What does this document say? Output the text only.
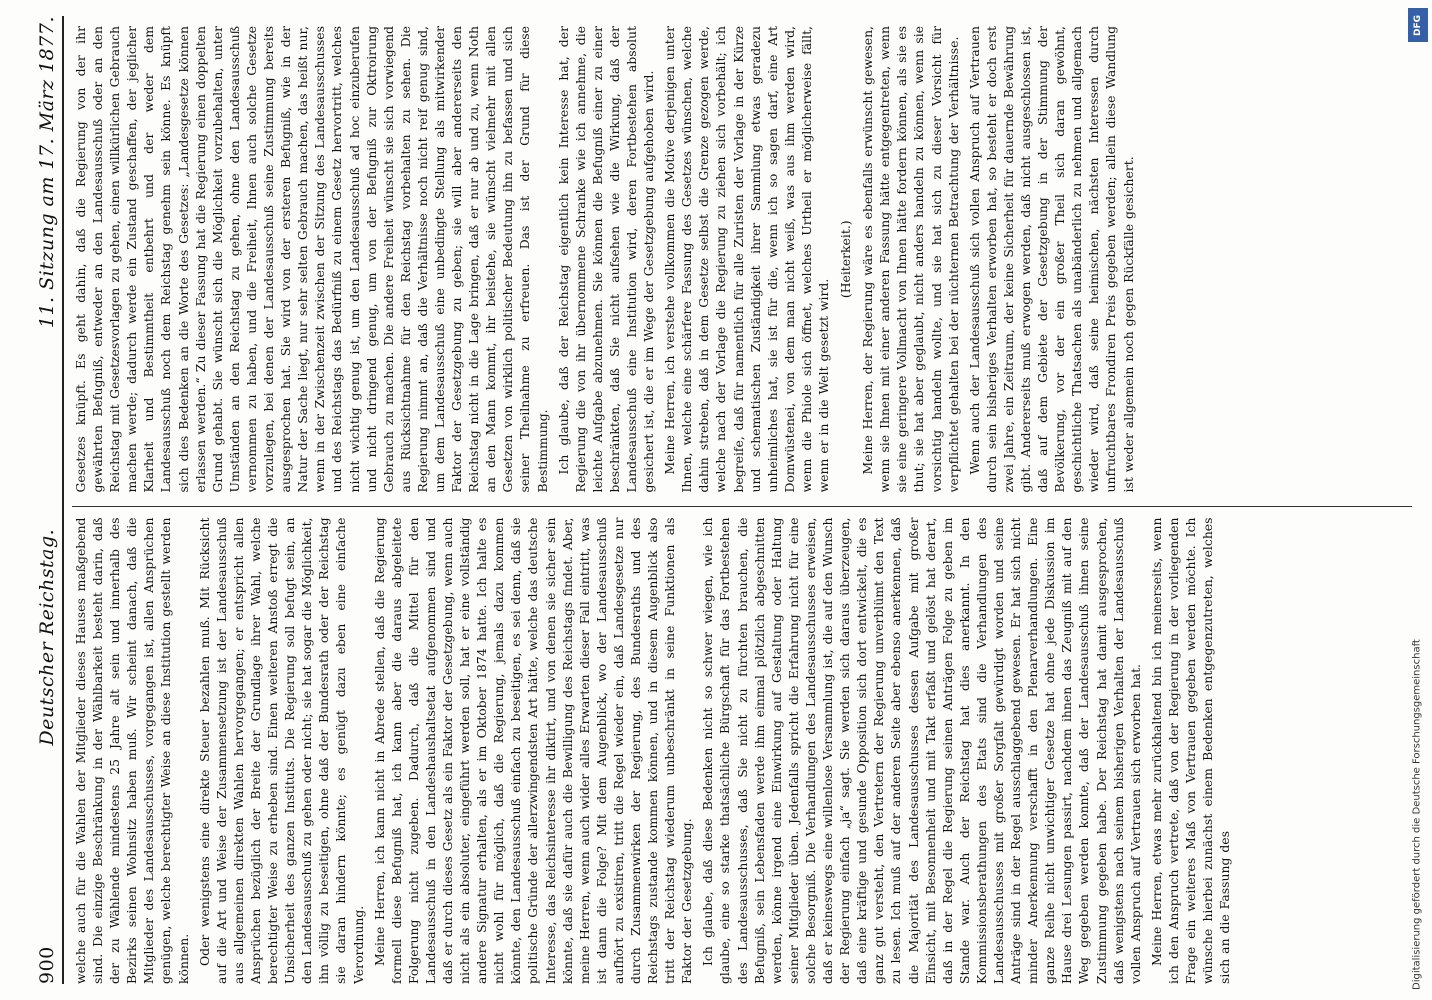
900
Deutscher Reichstag.
11. Sitzung am 17. März 1877.

welche auch für die Wahlen der Mitglieder dieses Hauses maßgebend sind. Die einzige Beschränkung in der Wählbarkeit besteht darin, daß der zu Wählende mindestens 25 Jahre alt sein und innerhalb des Bezirks seinen Wohnsitz haben muß. Wir scheint danach, daß die Mitglieder des Landesausschusses, vorgegangen ist, allen Ansprüchen genügen, welche berechtigter Weise an diese Institution gestellt werden können. Oder wenigstens eine direkte Steuer bezahlen muß. Mit Rücksicht auf die Art und Weise der Zusammensetzung ist der Landesausschuß aus allgemeinen direkten Wahlen hervorgegangen; er entspricht allen Ansprüchen bezüglich der Breite der Grundlage ihrer Wahl, welche berechtigter Weise zu erheben sind. Einen weiteren Anstoß erregt die Unsicherheit des ganzen Instituts. Die Regierung soll befugt sein, an den Landesausschuß zu gehen oder nicht; sie hat sogar die Möglichkeit, ihn völlig zu beseitigen, ohne daß der Bundesrath oder der Reichstag sie daran hindern könnte; es genügt dazu eben eine einfache Verordnung. Meine Herren, ich kann nicht in Abrede stellen, daß die Regierung formell diese Befugniß hat, ich kann aber die daraus abgeleitete Folgerung nicht zugeben. Dadurch, daß die Mittel für den Landesausschuß in den Landeshaushaltsetat aufgenommen sind und daß er durch dieses Gesetz als ein Faktor der Gesetzgebung, wenn auch nicht als ein absoluter, eingeführt werden soll, hat er eine vollständig andere Signatur erhalten, als er im Oktober 1874 hatte. Ich halte es nicht wohl für möglich, daß die Regierung, jemals dazu kommen könnte, den Landesausschuß einfach zu beseitigen, es sei denn, daß sie politische Gründe der allerzwingendsten Art hätte, welche das deutsche Interesse, das Reichsinteresse ihr diktirt, und von denen sie sicher sein könnte, daß sie dafür auch die Bewilligung des Reichstags findet. Aber, meine Herren, wenn auch wider alles Erwarten dieser Fall eintritt, was ist dann die Folge? Mit dem Augenblick, wo der Landesausschuß aufhört zu existiren, tritt die Regel wieder ein, daß Landesgesetze nur durch Zusammenwirken der Regierung, des Bundesraths und des Reichstags zustande kommen können, und in diesem Augenblick also tritt der Reichstag wiederum unbeschränkt in seine Funktionen als Faktor der Gesetzgebung. Ich glaube, daß diese Bedenken nicht so schwer wiegen, wie ich glaube, eine so starke thatsächliche Bürgschaft für das Fortbestehen des Landesausschusses, daß Sie nicht zu fürchten brauchen, die Befugniß, sein Lebensfaden werde ihm einmal plötzlich abgeschnitten werden, könne irgend eine Einwirkung auf Gestaltung oder Haltung seiner Mitglieder üben. Jedenfalls spricht die Erfahrung nicht für eine solche Besorgniß. Die Verhandlungen des Landesausschusses erweisen, daß er keineswegs eine willenlose Versammlung ist, die auf den Wunsch der Regierung einfach „ja“ sagt. Sie werden sich daraus überzeugen, daß eine kräftige und gesunde Opposition sich dort entwickelt, die es ganz gut versteht, den Vertretern der Regierung unverblümt den Text zu lesen. Ich muß auf der anderen Seite aber ebenso anerkennen, daß die Majorität des Landesausschusses dessen Aufgabe mit großer Einsicht, mit Besonnenheit und mit Takt erfaßt und gelöst hat derart, daß in der Regel die Regierung seinen Anträgen Folge zu geben im Stande war. Auch der Reichstag hat dies anerkannt. In den Kommissionsberathungen des Etats sind die Verhandlungen des Landesausschusses mit großer Sorgfalt gewürdigt worden und seine Anträge sind in der Regel ausschlaggebend gewesen. Er hat sich nicht minder Anerkennung verschafft in den Plenarverhandlungen. Eine ganze Reihe nicht unwichtiger Gesetze hat ohne jede Diskussion im Hause drei Lesungen passirt, nachdem ihnen das Zeugniß mit auf den Weg gegeben werden konnte, daß der Landesausschuß ihnen seine Zustimmung gegeben habe. Der Reichstag hat damit ausgesprochen, daß wenigstens nach seinem bisherigen Verhalten der Landesausschuß vollen Anspruch auf Vertrauen sich erworben hat. Meine Herren, etwas mehr zurückhaltend bin ich meinerseits, wenn ich den Anspruch vertrete, daß von der Regierung in der vorliegenden Frage ein weiteres Maß von Vertrauen gegeben werden möchte. Ich wünsche hierbei zunächst einem Bedenken entgegenzutreten, welches sich an die Fassung des

Gesetzes knüpft. Es geht dahin, daß die Regierung von der ihr gewährten Befugniß, entweder an den Landesausschuß oder an den Reichstag mit Gesetzesvorlagen zu gehen, einen willkürlichen Gebrauch machen werde; dadurch werde ein Zustand geschaffen, der jeglicher Klarheit und Bestimmtheit entbehrt und der weder dem Landesausschuß noch dem Reichstag genehm sein könne. Es knüpft sich dies Bedenken an die Worte des Gesetzes: „Landesgesetze können erlassen werden.“ Zu dieser Fassung hat die Regierung einen doppelten Grund gehabt. Sie wünscht sich die Möglichkeit vorzubehalten, unter Umständen an den Reichstag zu gehen, ohne den Landesausschuß vernommen zu haben, und die Freiheit, Ihnen auch solche Gesetze vorzulegen, bei denen der Landesausschuß seine Zustimmung bereits ausgesprochen hat. Sie wird von der ersteren Befugniß, wie in der Natur der Sache liegt, nur sehr selten Gebrauch machen, das heißt nur, wenn in der Zwischenzeit zwischen der Sitzung des Landesausschusses und des Reichstags das Bedürfniß zu einem Gesetz hervortritt, welches nicht wichtig genug ist, um den Landesausschuß ad hoc einzuberufen und nicht dringend genug, um von der Befugniß zur Oktroirung Gebrauch zu machen. Die andere Freiheit wünscht sie sich vorwiegend aus Rücksichtnahme für den Reichstag vorbehalten zu sehen. Die Regierung nimmt an, daß die Verhältnisse noch nicht reif genug sind, um dem Landesausschuß eine unbedingte Stellung als mitwirkender Faktor der Gesetzgebung zu geben; sie will aber andererseits den Reichstag nicht in die Lage bringen, daß er nur ab und zu, wenn Noth an den Mann kommt, ihr beistehe, sie wünscht vielmehr mit allen Gesetzen von wirklich politischer Bedeutung ihn zu befassen und sich seiner Theilnahme zu erfreuen. Das ist der Grund für diese Bestimmung. Ich glaube, daß der Reichstag eigentlich kein Interesse hat, der Regierung die von ihr übernommene Schranke wie ich annehme, die leichte Aufgabe abzunehmen. Sie können die Befugniß einer zu einer beschränkten, daß Sie nicht aufsehen wie die Wirkung, daß der Landesausschuß eine Institution wird, deren Fortbestehen absolut gesichert ist, die er im Wege der Gesetzgebung aufgehoben wird. Meine Herren, ich verstehe vollkommen die Motive derjenigen unter Ihnen, welche eine schärfere Fassung des Gesetzes wünschen, welche dahin streben, daß in dem Gesetze selbst die Grenze gezogen werde, welche nach der Vorlage die Regierung zu ziehen sich vorbehält; ich begreife, daß für namentlich für alle Zuristen der Vorlage in der Kürze und schematischen Zuständigkeit ihrer Sammlung etwas geradezu unheimliches hat, sie ist für die, wenn ich so sagen darf, eine Art Domwüstenei, von dem man nicht weiß, was aus ihm werden wird, wenn die Phiole sich öffnet, welches Urtheil er möglicherweise fällt, wenn er in die Welt gesetzt wird.

(Heiterkeit.) Meine Herren, der Regierung wäre es ebenfalls erwünscht gewesen, wenn sie Ihnen mit einer anderen Fassung hätte entgegentreten, wenn sie eine geringere Vollmacht von Ihnen hätte fordern können, als sie es thut; sie hat aber geglaubt, nicht anders handeln zu können, wenn sie vorsichtig handeln wollte, und sie hat sich zu dieser Vorsicht für verpflichtet gehalten bei der nüchternen Betrachtung der Verhältnisse. Wenn auch der Landesausschuß sich vollen Anspruch auf Vertrauen durch sein bisheriges Verhalten erworben hat, so besteht er doch erst zwei Jahre, ein Zeitraum, der keine Sicherheit für dauernde Bewährung gibt. Andererseits muß erwogen werden, daß nicht ausgeschlossen ist, daß auf dem Gebiete der Gesetzgebung in der Stimmung der Bevölkerung, vor der ein großer Theil sich daran gewöhnt, geschichtliche Thatsachen als unabänderlich zu nehmen und allgemach wieder wird, daß seine heimischen, nächsten Interessen durch unfruchtbares Frondiren Preis gegeben werden; allein diese Wandlung ist weder allgemein noch gegen Rückfälle gesichert.

DFG
Digitalisierung gefördert durch die Deutsche Forschungsgemeinschaft
